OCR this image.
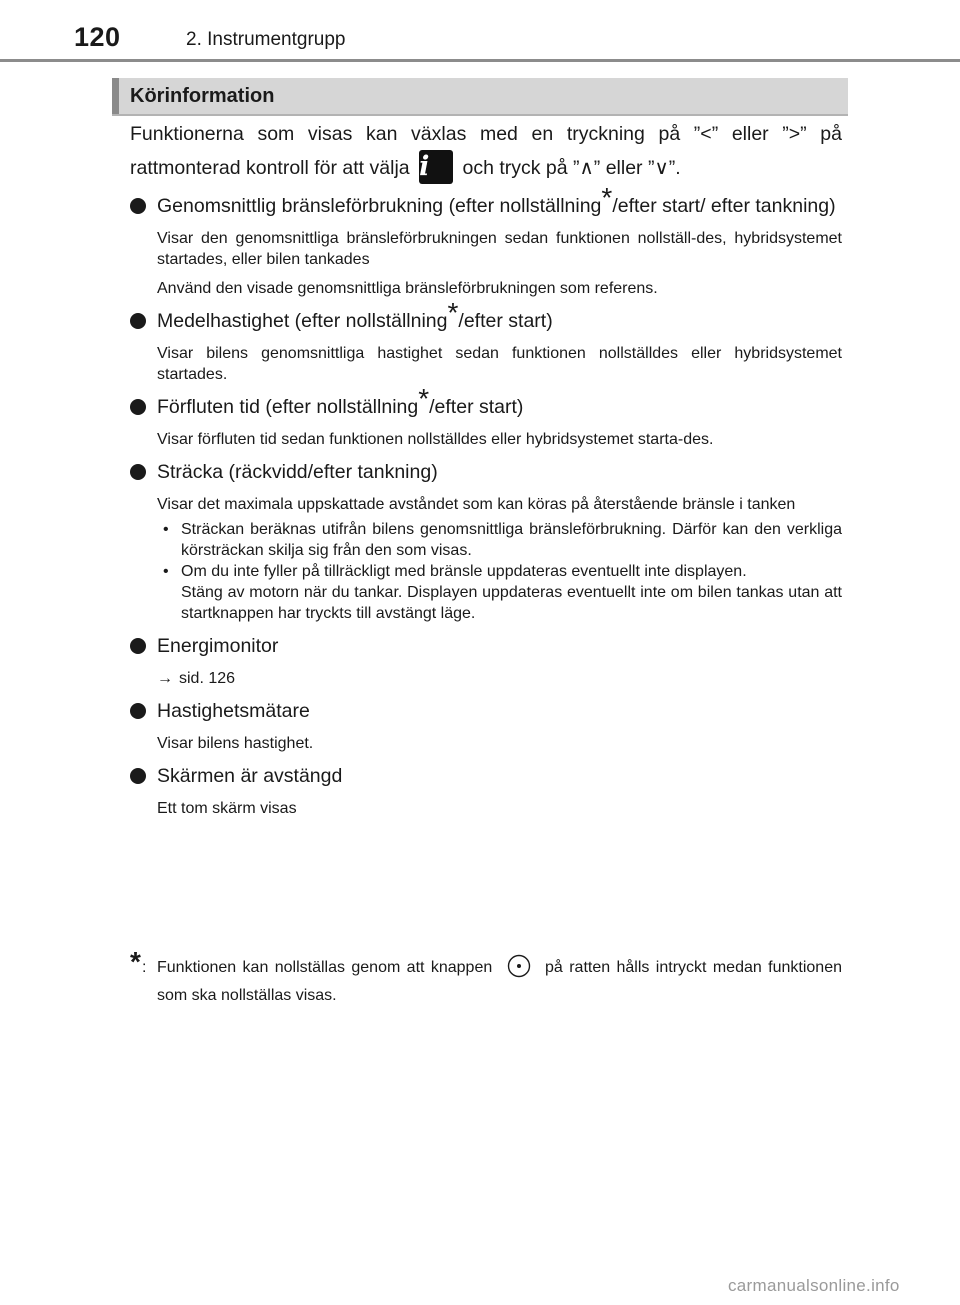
120	2. Instrumentgrupp
Körinformation

Funktionerna som visas kan växlas med en tryckning på ”<” eller ”>” på rattmonterad kontroll för att välja i	och tryck på ”∧” eller ”∨”.

Genomsnittlig bränsleförbrukning (efter nollställning*/efter start/ efter tankning)
Visar den genomsnittliga bränsleförbrukningen sedan funktionen nollställ-des, hybridsystemet startades, eller bilen tankades
Använd den visade genomsnittliga bränsleförbrukningen som referens.
Medelhastighet (efter nollställning*/efter start)
Visar bilens genomsnittliga hastighet sedan funktionen nollställdes eller hybridsystemet startades.
Förfluten tid (efter nollställning*/efter start)
Visar förfluten tid sedan funktionen nollställdes eller hybridsystemet starta-des.
Sträcka (räckvidd/efter tankning)
Visar det maximala uppskattade avståndet som kan köras på återstående bränsle i tanken
• Sträckan beräknas utifrån bilens genomsnittliga bränsleförbrukning. Därför kan den verkliga körsträckan skilja sig från den som visas.
• Om du inte fyller på tillräckligt med bränsle uppdateras eventuellt inte displayen.
Stäng av motorn när du tankar. Displayen uppdateras eventuellt inte om bilen tankas utan att startknappen har tryckts till avstängt läge.
Energimonitor
→ sid. 126
Hastighetsmätare
Visar bilens hastighet.
Skärmen är avstängd
Ett tom skärm visas
* : Funktionen kan nollställas genom att knappen	på ratten hålls intryckt medan funktionen som ska nollställas visas.
carmanualsonline.info
